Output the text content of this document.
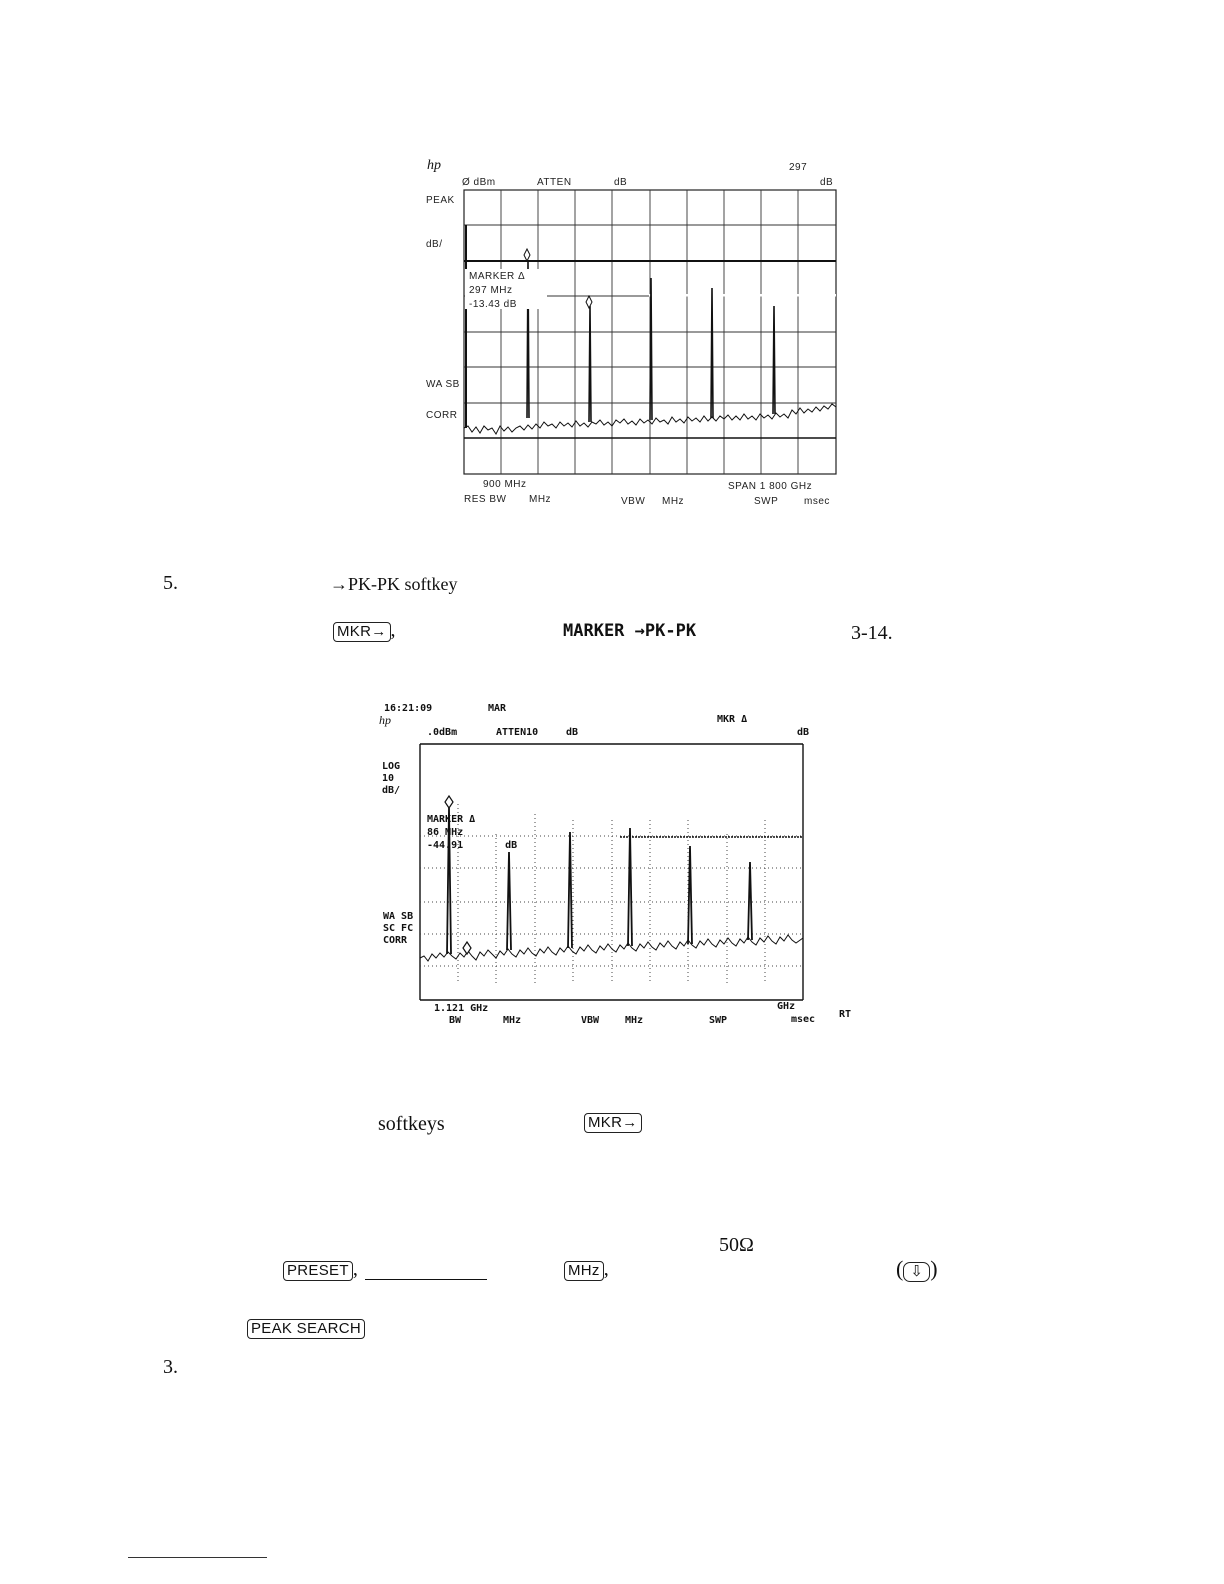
hp
Ø dBm	ATTEN	dB
297
dB
PEAK
dB/
WA SB
CORR
MARKER Δ
297 MHz
-13.43 dB
900 MHz	SPAN 1 800 GHz
RES BW MHz	VBW MHz	SWP	msec
5.	→PK-PK softkey
MKR→ ,	MARKER →PK-PK	3-14.
16:21:09	MAR
hp
.0dBm	ATTEN10	dB
MKR Δ
dB
LOG
10
dB/
WA SB
SC FC
CORR
MARKER Δ
86 MHz
-44.91	dB
1.121 GHz	GHz
BW	MHz	VBW	MHz	SWP	msec RT
softkeys	MKR→
50Ω
PRESET ,	MHz ,	( ⇩ )
PEAK SEARCH
3.
